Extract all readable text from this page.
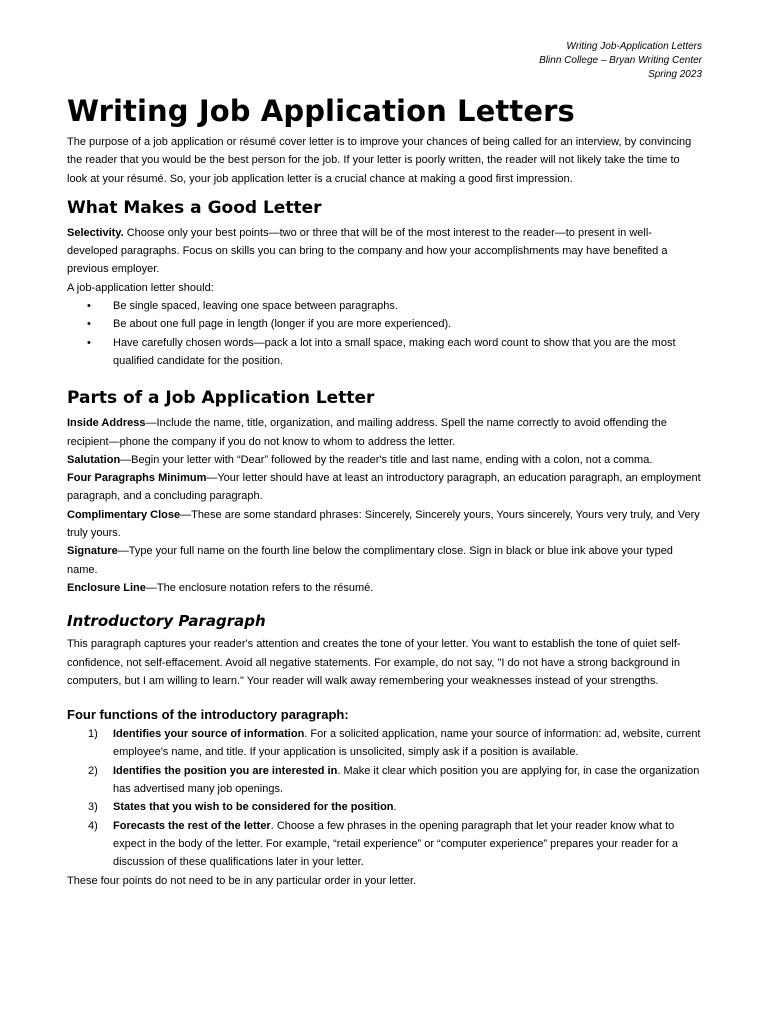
Writing Job-Application Letters
Blinn College – Bryan Writing Center
Spring 2023
Writing Job Application Letters

The purpose of a job application or résumé cover letter is to improve your chances of being called for an interview, by convincing the reader that you would be the best person for the job. If your letter is poorly written, the reader will not likely take the time to look at your résumé. So, your job application letter is a crucial chance at making a good first impression.

What Makes a Good Letter

Selectivity. Choose only your best points—two or three that will be of the most interest to the reader—to present in well-developed paragraphs. Focus on skills you can bring to the company and how your accomplishments may have benefited a previous employer.

A job-application letter should:

• Be single spaced, leaving one space between paragraphs.
• Be about one full page in length (longer if you are more experienced).
• Have carefully chosen words—pack a lot into a small space, making each word count to show that you are the most qualified candidate for the position.
Parts of a Job Application Letter

Inside Address—Include the name, title, organization, and mailing address. Spell the name correctly to avoid offending the recipient—phone the company if you do not know to whom to address the letter.

Salutation—Begin your letter with “Dear” followed by the reader's title and last name, ending with a colon, not a comma.

Four Paragraphs Minimum—Your letter should have at least an introductory paragraph, an education paragraph, an employment paragraph, and a concluding paragraph.

Complimentary Close—These are some standard phrases: Sincerely, Sincerely yours, Yours sincerely, Yours very truly, and Very truly yours.

Signature—Type your full name on the fourth line below the complimentary close. Sign in black or blue ink above your typed name.

Enclosure Line—The enclosure notation refers to the résumé.

Introductory Paragraph

This paragraph captures your reader's attention and creates the tone of your letter. You want to establish the tone of quiet self-confidence, not self-effacement. Avoid all negative statements. For example, do not say, "I do not have a strong background in computers, but I am willing to learn." Your reader will walk away remembering your weaknesses instead of your strengths.

Four functions of the introductory paragraph:
1) Identifies your source of information. For a solicited application, name your source of information: ad, website, current employee's name, and title. If your application is unsolicited, simply ask if a position is available.
2) Identifies the position you are interested in. Make it clear which position you are applying for, in case the organization has advertised many job openings.
3) States that you wish to be considered for the position.
4) Forecasts the rest of the letter. Choose a few phrases in the opening paragraph that let your reader know what to expect in the body of the letter. For example, “retail experience” or “computer experience” prepares your reader for a discussion of these qualifications later in your letter.

These four points do not need to be in any particular order in your letter.
